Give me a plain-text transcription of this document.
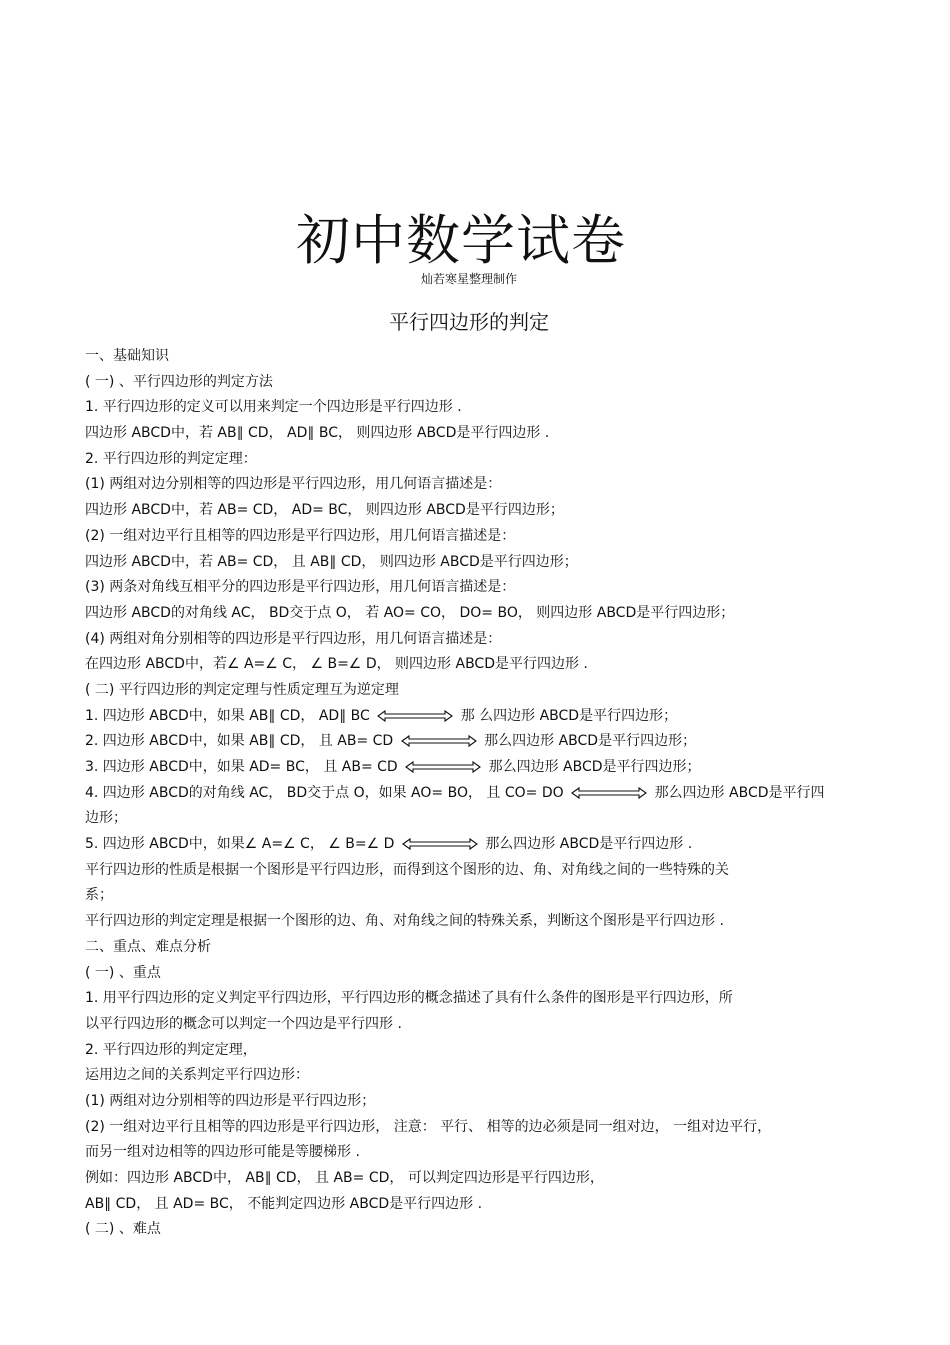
初中数学试卷
灿若寒星整理制作
平行四边形的判定
一、基础知识
( 一) 、平行四边形的判定方法
1. 平行四边形的定义可以用来判定一个四边形是平行四边形 .
四边形 ABCD中，若 AB∥ CD， AD∥ BC， 则四边形 ABCD是平行四边形 .
2. 平行四边形的判定定理：
(1) 两组对边分别相等的四边形是平行四边形，用几何语言描述是：
四边形 ABCD中，若 AB= CD， AD= BC， 则四边形 ABCD是平行四边形；
(2) 一组对边平行且相等的四边形是平行四边形，用几何语言描述是：
四边形 ABCD中，若 AB= CD， 且 AB∥ CD， 则四边形 ABCD是平行四边形；
(3) 两条对角线互相平分的四边形是平行四边形，用几何语言描述是：
四边形 ABCD的对角线 AC， BD交于点 O， 若 AO= CO， DO= BO， 则四边形 ABCD是平行四边形；
(4) 两组对角分别相等的四边形是平行四边形，用几何语言描述是：
在四边形 ABCD中，若∠ A=∠ C， ∠ B=∠ D， 则四边形 ABCD是平行四边形 .
( 二) 平行四边形的判定定理与性质定理互为逆定理
1. 四边形 ABCD中，如果 AB∥ CD， AD∥ BC	那 么四边形 ABCD是平行四边形；
2. 四边形 ABCD中，如果 AB∥ CD， 且 AB= CD	那么四边形 ABCD是平行四边形；
3. 四边形 ABCD中，如果 AD= BC， 且 AB= CD	那么四边形 ABCD是平行四边形；
4. 四边形 ABCD的对角线 AC， BD交于点 O，如果 AO= BO， 且 CO= DO	那么四边形 ABCD是平行四
边形；
5. 四边形 ABCD中，如果∠ A=∠ C， ∠ B=∠ D	那么四边形 ABCD是平行四边形 .
平行四边形的性质是根据一个图形是平行四边形，而得到这个图形的边、角、对角线之间的一些特殊的关
系；
平行四边形的判定定理是根据一个图形的边、角、对角线之间的特殊关系，判断这个图形是平行四边形 .
二、重点、难点分析
( 一) 、重点
1. 用平行四边形的定义判定平行四边形，平行四边形的概念描述了具有什么条件的图形是平行四边形，所
以平行四边形的概念可以判定一个四边是平行四形 .
2. 平行四边形的判定定理，
运用边之间的关系判定平行四边形：
(1) 两组对边分别相等的四边形是平行四边形；
(2) 一组对边平行且相等的四边形是平行四边形， 注意： 平行、 相等的边必须是同一组对边， 一组对边平行，
而另一组对边相等的四边形可能是等腰梯形 .
例如：四边形 ABCD中， AB∥ CD， 且 AB= CD， 可以判定四边形是平行四边形，
AB∥ CD， 且 AD= BC， 不能判定四边形 ABCD是平行四边形 .
( 二) 、难点
